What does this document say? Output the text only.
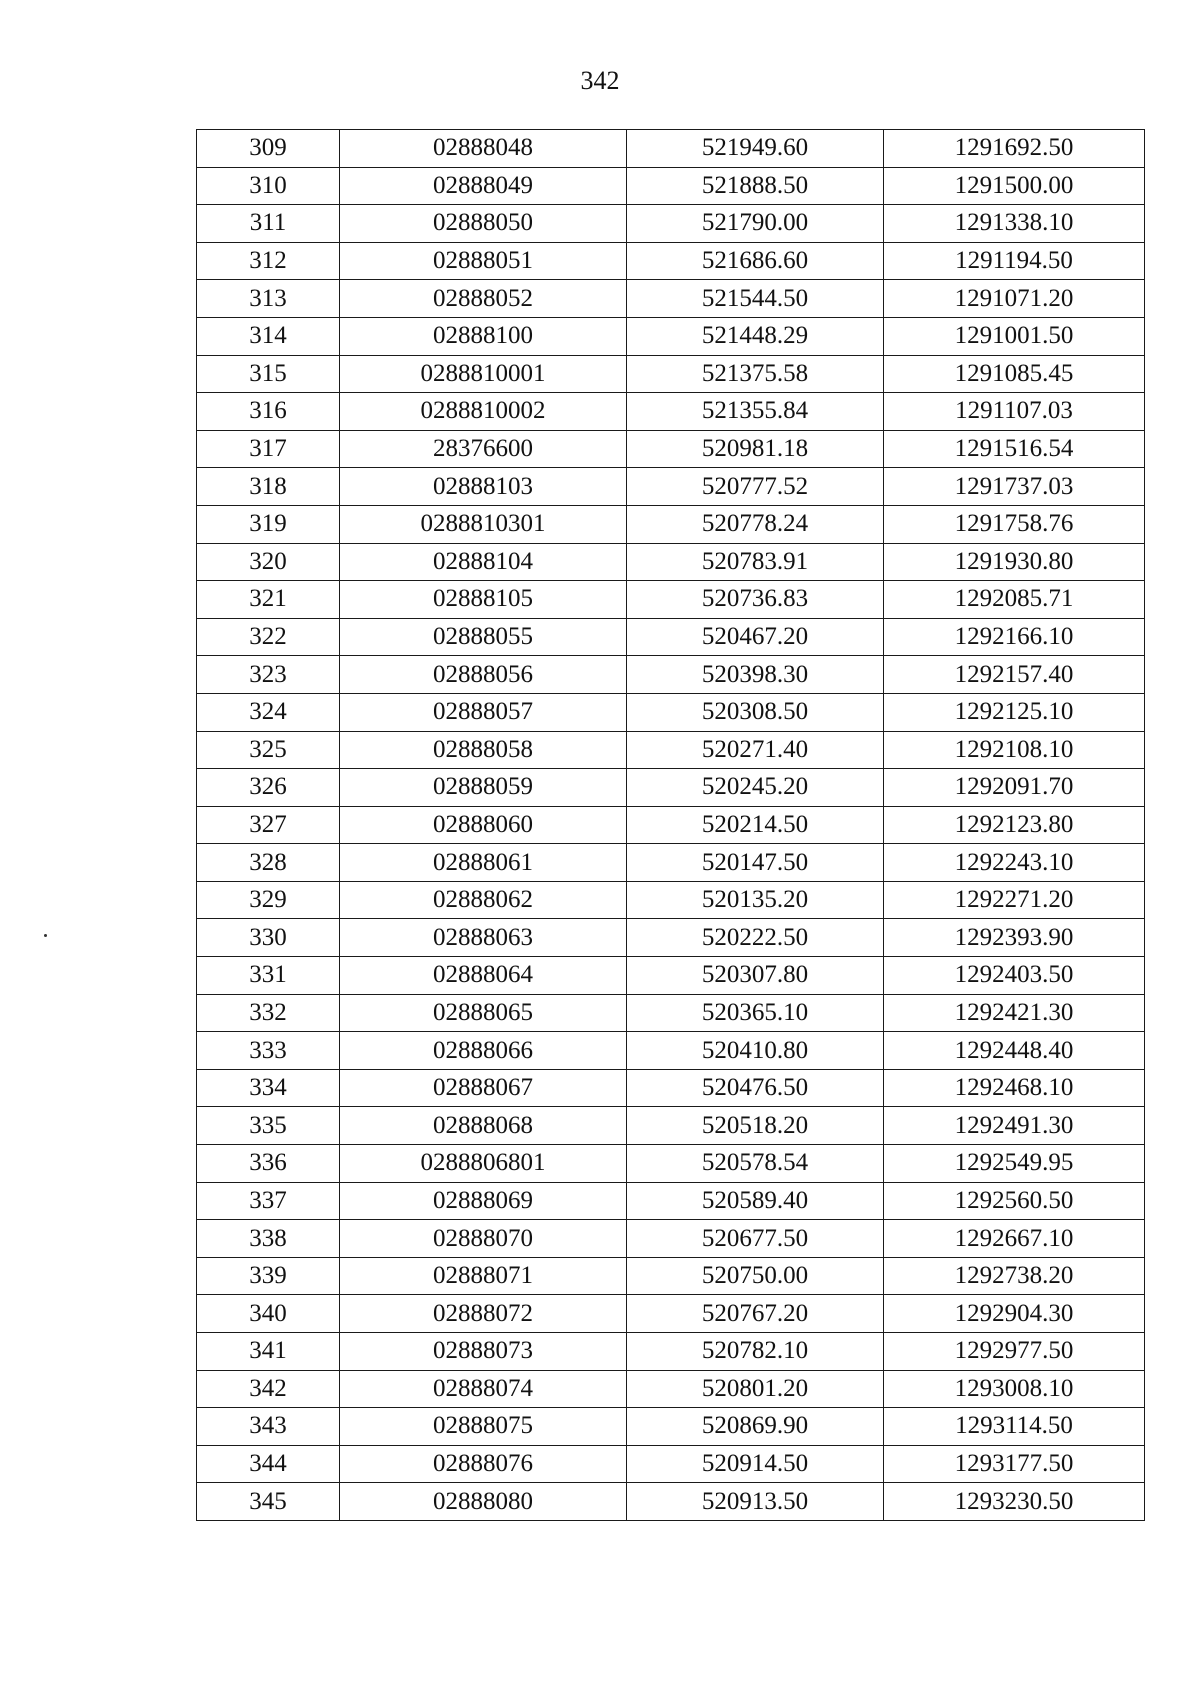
342
309	02888048	521949.60	1291692.50
310	02888049	521888.50	1291500.00
311	02888050	521790.00	1291338.10
312	02888051	521686.60	1291194.50
313	02888052	521544.50	1291071.20
314	02888100	521448.29	1291001.50
315	0288810001	521375.58	1291085.45
316	0288810002	521355.84	1291107.03
317	28376600	520981.18	1291516.54
318	02888103	520777.52	1291737.03
319	0288810301	520778.24	1291758.76
320	02888104	520783.91	1291930.80
321	02888105	520736.83	1292085.71
322	02888055	520467.20	1292166.10
323	02888056	520398.30	1292157.40
324	02888057	520308.50	1292125.10
325	02888058	520271.40	1292108.10
326	02888059	520245.20	1292091.70
327	02888060	520214.50	1292123.80
328	02888061	520147.50	1292243.10
329	02888062	520135.20	1292271.20
330	02888063	520222.50	1292393.90
331	02888064	520307.80	1292403.50
332	02888065	520365.10	1292421.30
333	02888066	520410.80	1292448.40
334	02888067	520476.50	1292468.10
335	02888068	520518.20	1292491.30
336	0288806801	520578.54	1292549.95
337	02888069	520589.40	1292560.50
338	02888070	520677.50	1292667.10
339	02888071	520750.00	1292738.20
340	02888072	520767.20	1292904.30
341	02888073	520782.10	1292977.50
342	02888074	520801.20	1293008.10
343	02888075	520869.90	1293114.50
344	02888076	520914.50	1293177.50
345	02888080	520913.50	1293230.50
